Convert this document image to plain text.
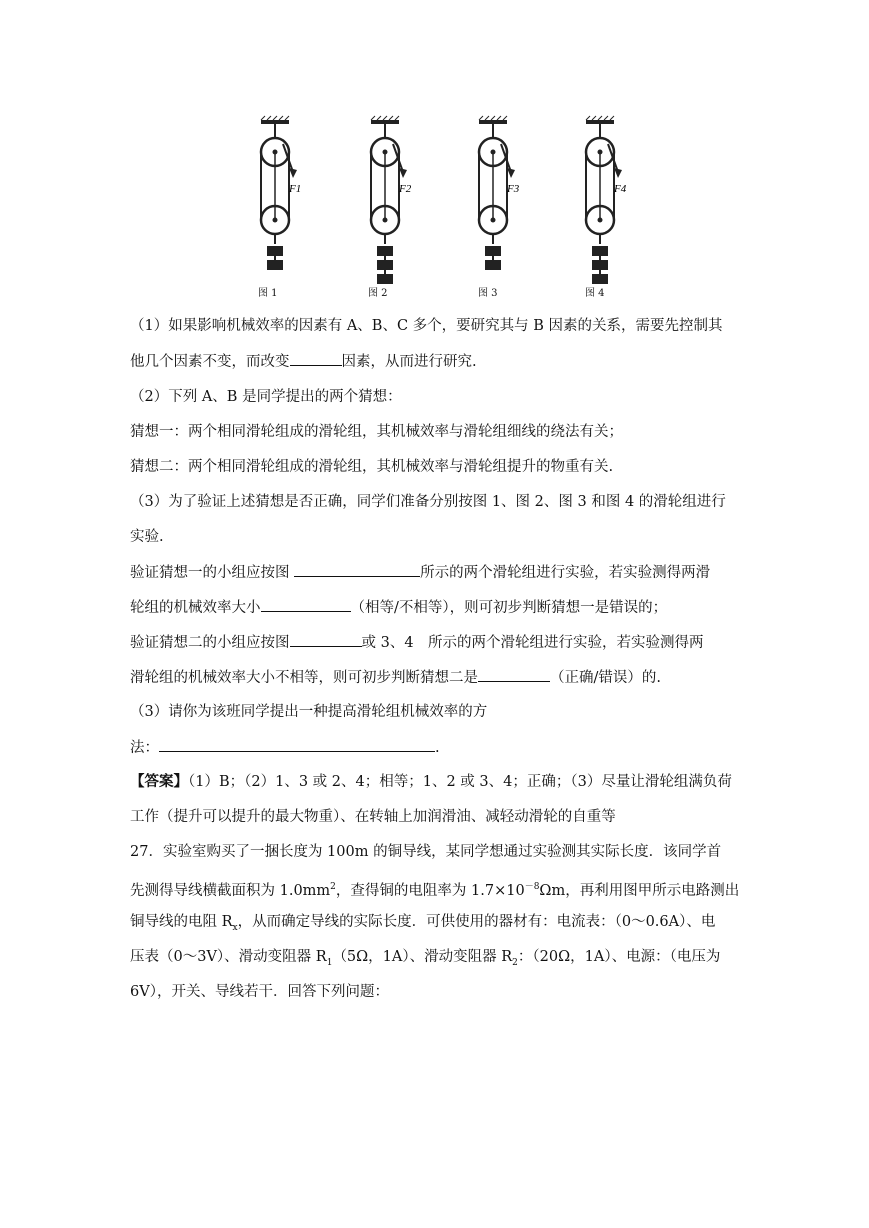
F1	F2	F3	F4
图 1	图 2	图 3	图 4
（1）如果影响机械效率的因素有 A、B、C 多个，要研究其与 B 因素的关系，需要先控制其
他几个因素不变，而改变	因素，从而进行研究.
（2）下列 A、B 是同学提出的两个猜想：
猜想一：两个相同滑轮组成的滑轮组，其机械效率与滑轮组细线的绕法有关；
猜想二：两个相同滑轮组成的滑轮组，其机械效率与滑轮组提升的物重有关.
（3）为了验证上述猜想是否正确，同学们准备分别按图 1、图 2、图 3 和图 4 的滑轮组进行
实验.
验证猜想一的小组应按图	所示的两个滑轮组进行实验，若实验测得两滑
轮组的机械效率大小	（相等/不相等），则可初步判断猜想一是错误的；
验证猜想二的小组应按图	或 3、4　所示的两个滑轮组进行实验，若实验测得两
滑轮组的机械效率大小不相等，则可初步判断猜想二是	（正确/错误）的.
（3）请你为该班同学提出一种提高滑轮组机械效率的方
法：	.
【答案】（1）B；（2）1、3 或 2、4；相等；1、2 或 3、4；正确；（3）尽量让滑轮组满负荷
工作（提升可以提升的最大物重）、在转轴上加润滑油、减轻动滑轮的自重等
27．实验室购买了一捆长度为 100m 的铜导线，某同学想通过实验测其实际长度．该同学首
先测得导线横截面积为 $1.0mm^2$，查得铜的电阻率为 $1.7\times 10^{-8}\Omega m$，再利用图甲所示电路测出
铜导线的电阻 $R_x$，从而确定导线的实际长度．可供使用的器材有：电流表：（0～0.6A）、电
压表（0～3V）、滑动变阻器 $R_1(5\Omega$，1A）、滑动变阻器 $R_2$：（20Ω，1A）、电源：（电压为
6V），开关、导线若干．回答下列问题：
